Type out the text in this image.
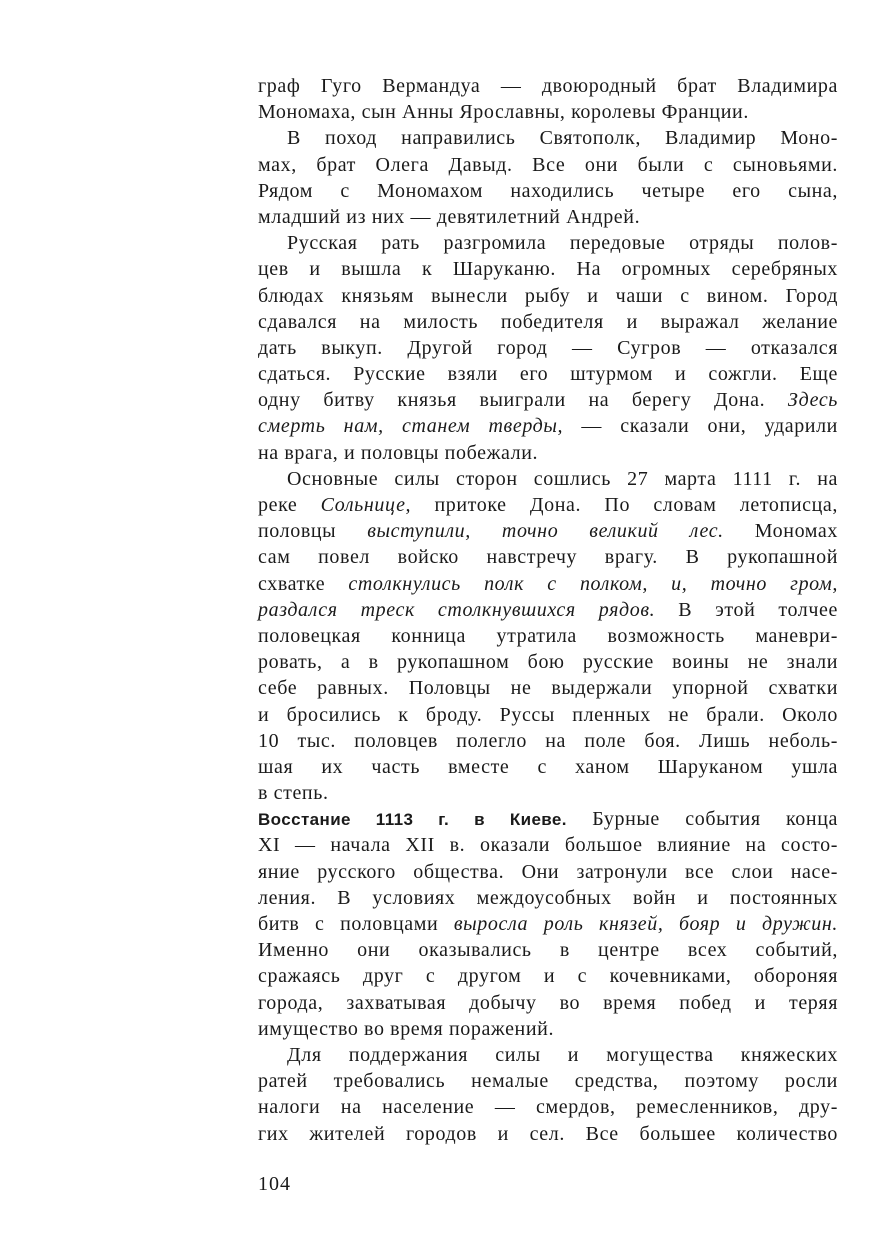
граф Гуго Вермандуа — двоюродный брат Владимира
Мономаха, сын Анны Ярославны, королевы Франции.
В поход направились Святополк, Владимир Моно-
мах, брат Олега Давыд. Все они были с сыновьями.
Рядом с Мономахом находились четыре его сына,
младший из них — девятилетний Андрей.
Русская рать разгромила передовые отряды полов-
цев и вышла к Шаруканю. На огромных серебряных
блюдах князьям вынесли рыбу и чаши с вином. Город
сдавался на милость победителя и выражал желание
дать выкуп. Другой город — Сугров — отказался
сдаться. Русские взяли его штурмом и сожгли. Еще
одну битву князья выиграли на берегу Дона. Здесь
смерть нам, станем тверды, — сказали они, ударили
на врага, и половцы побежали.
Основные силы сторон сошлись 27 марта 1111 г. на
реке Сольнице, притоке Дона. По словам летописца,
половцы выступили, точно великий лес. Мономах
сам повел войско навстречу врагу. В рукопашной
схватке столкнулись полк с полком, и, точно гром,
раздался треск столкнувшихся рядов. В этой толчее
половецкая конница утратила возможность маневри-
ровать, а в рукопашном бою русские воины не знали
себе равных. Половцы не выдержали упорной схватки
и бросились к броду. Руссы пленных не брали. Около
10 тыс. половцев полегло на поле боя. Лишь неболь-
шая их часть вместе с ханом Шаруканом ушла
в степь.
Восстание 1113 г. в Киеве. Бурные события конца
XI — начала XII в. оказали большое влияние на состо-
яние русского общества. Они затронули все слои насе-
ления. В условиях междоусобных войн и постоянных
битв с половцами выросла роль князей, бояр и дружин.
Именно они оказывались в центре всех событий,
сражаясь друг с другом и с кочевниками, обороняя
города, захватывая добычу во время побед и теряя
имущество во время поражений.
Для поддержания силы и могущества княжеских
ратей требовались немалые средства, поэтому росли
налоги на население — смердов, ремесленников, дру-
гих жителей городов и сел. Все большее количество
104
